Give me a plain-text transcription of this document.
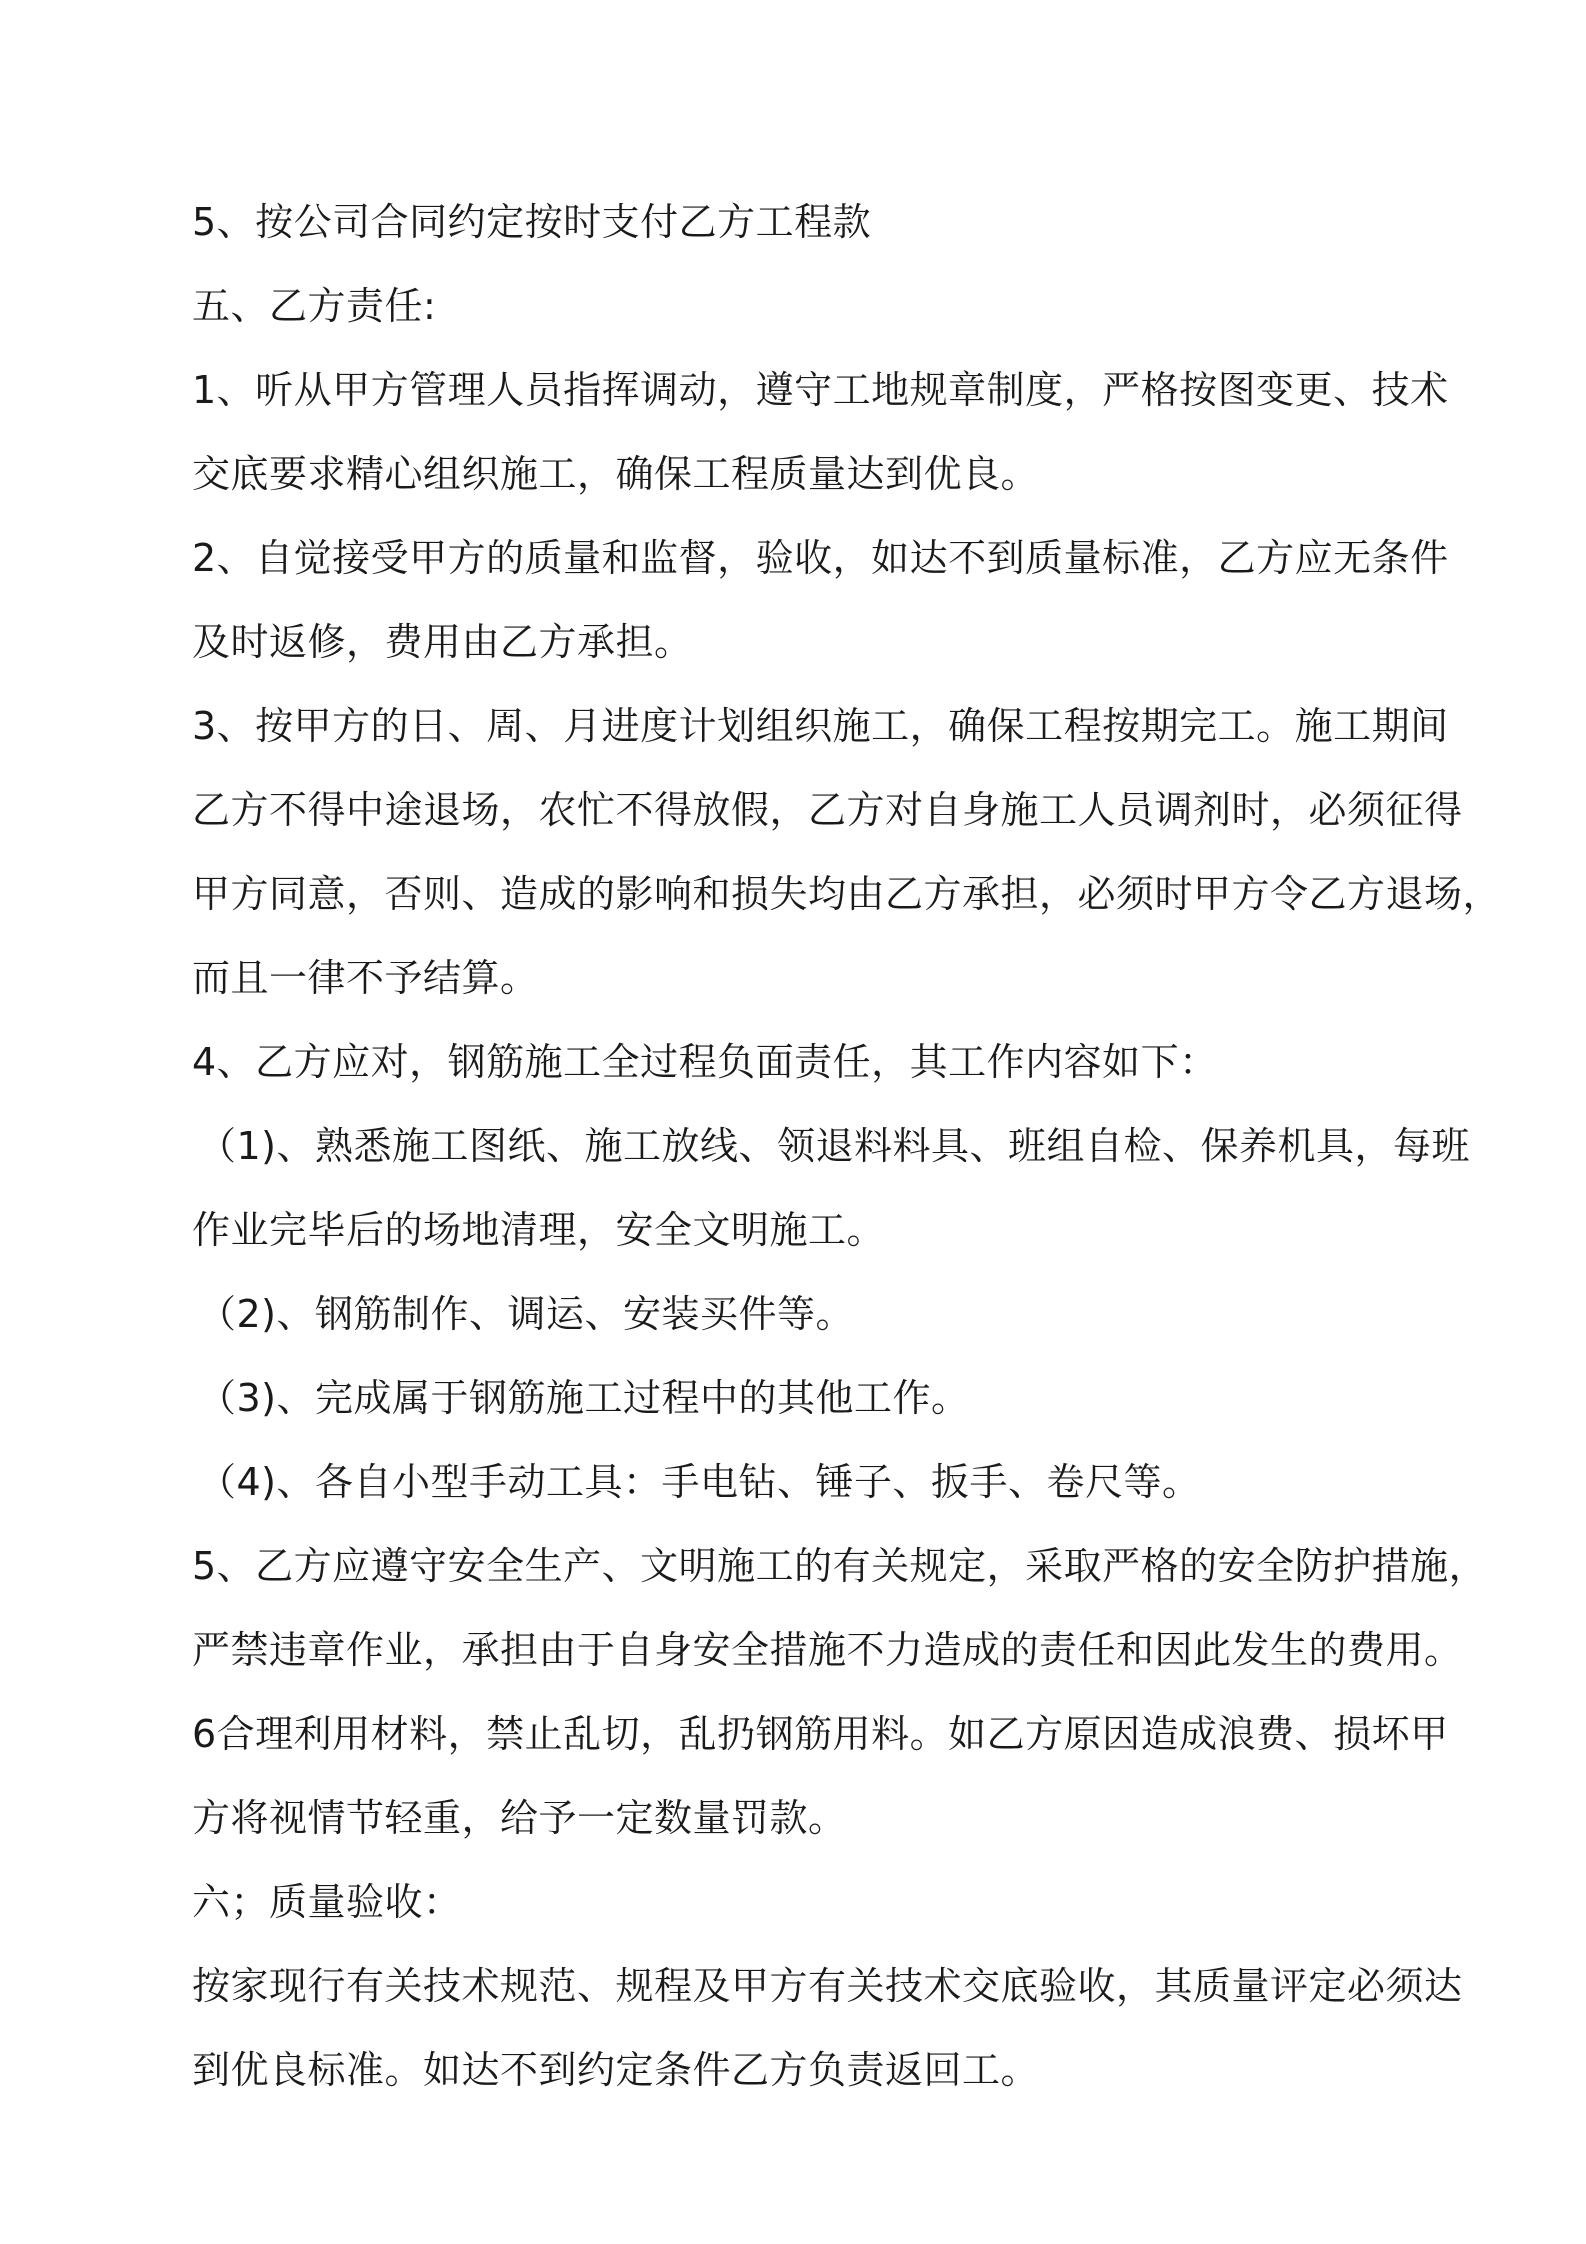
5、按公司合同约定按时支付乙方工程款
五、乙方责任:
1、听从甲方管理人员指挥调动，遵守工地规章制度，严格按图变更、技术
交底要求精心组织施工，确保工程质量达到优良。
2、自觉接受甲方的质量和监督，验收，如达不到质量标准，乙方应无条件
及时返修，费用由乙方承担。
3、按甲方的日、周、月进度计划组织施工，确保工程按期完工。施工期间
乙方不得中途退场，农忙不得放假，乙方对自身施工人员调剂时，必须征得
甲方同意，否则、造成的影响和损失均由乙方承担，必须时甲方令乙方退场，
而且一律不予结算。
4、乙方应对，钢筋施工全过程负面责任，其工作内容如下：
（1)、熟悉施工图纸、施工放线、领退料料具、班组自检、保养机具，每班
作业完毕后的场地清理，安全文明施工。
（2)、钢筋制作、调运、安装买件等。
（3)、完成属于钢筋施工过程中的其他工作。
（4)、各自小型手动工具：手电钻、锤子、扳手、卷尺等。
5、乙方应遵守安全生产、文明施工的有关规定，采取严格的安全防护措施，
严禁违章作业，承担由于自身安全措施不力造成的责任和因此发生的费用。
6合理利用材料，禁止乱切，乱扔钢筋用料。如乙方原因造成浪费、损坏甲
方将视情节轻重，给予一定数量罚款。
六；质量验收：
按家现行有关技术规范、规程及甲方有关技术交底验收，其质量评定必须达
到优良标准。如达不到约定条件乙方负责返回工。
